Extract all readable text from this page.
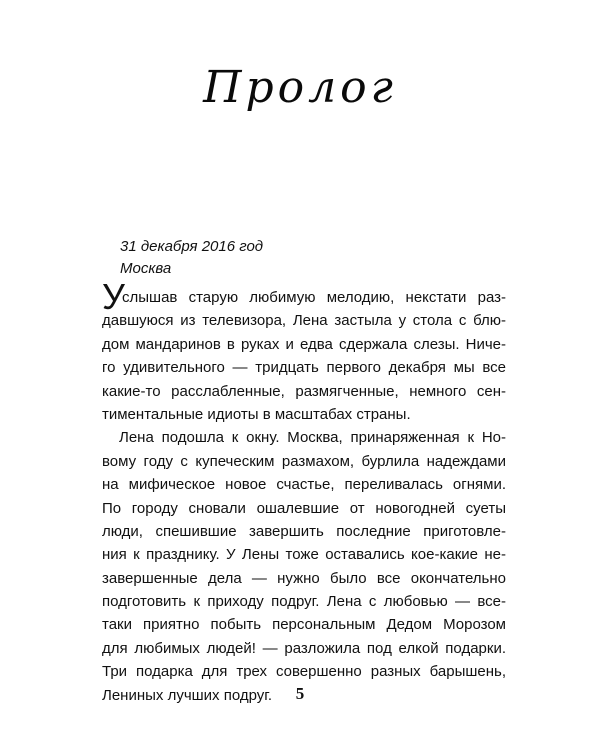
Пролог
31 декабря 2016 год
Москва
У
слышав старую любимую мелодию, некстати раз-
давшуюся из телевизора, Лена застыла у стола с блю-
дом мандаринов в руках и едва сдержала слезы. Ниче-
го удивительного — тридцать первого декабря мы все
какие-то расслабленные, размягченные, немного сен-
тиментальные идиоты в масштабах страны.
Лена подошла к окну. Москва, принаряженная к Но-
вому году с купеческим размахом, бурлила надеждами
на мифическое новое счастье, переливалась огнями.
По городу сновали ошалевшие от новогодней суеты
люди, спешившие завершить последние приготовле-
ния к празднику. У Лены тоже оставались кое-какие не-
завершенные дела — нужно было все окончательно
подготовить к приходу подруг. Лена с любовью — все-
таки приятно побыть персональным Дедом Морозом
для любимых людей! — разложила под елкой подарки.
Три подарка для трех совершенно разных барышень,
Лениных лучших подруг.	5
